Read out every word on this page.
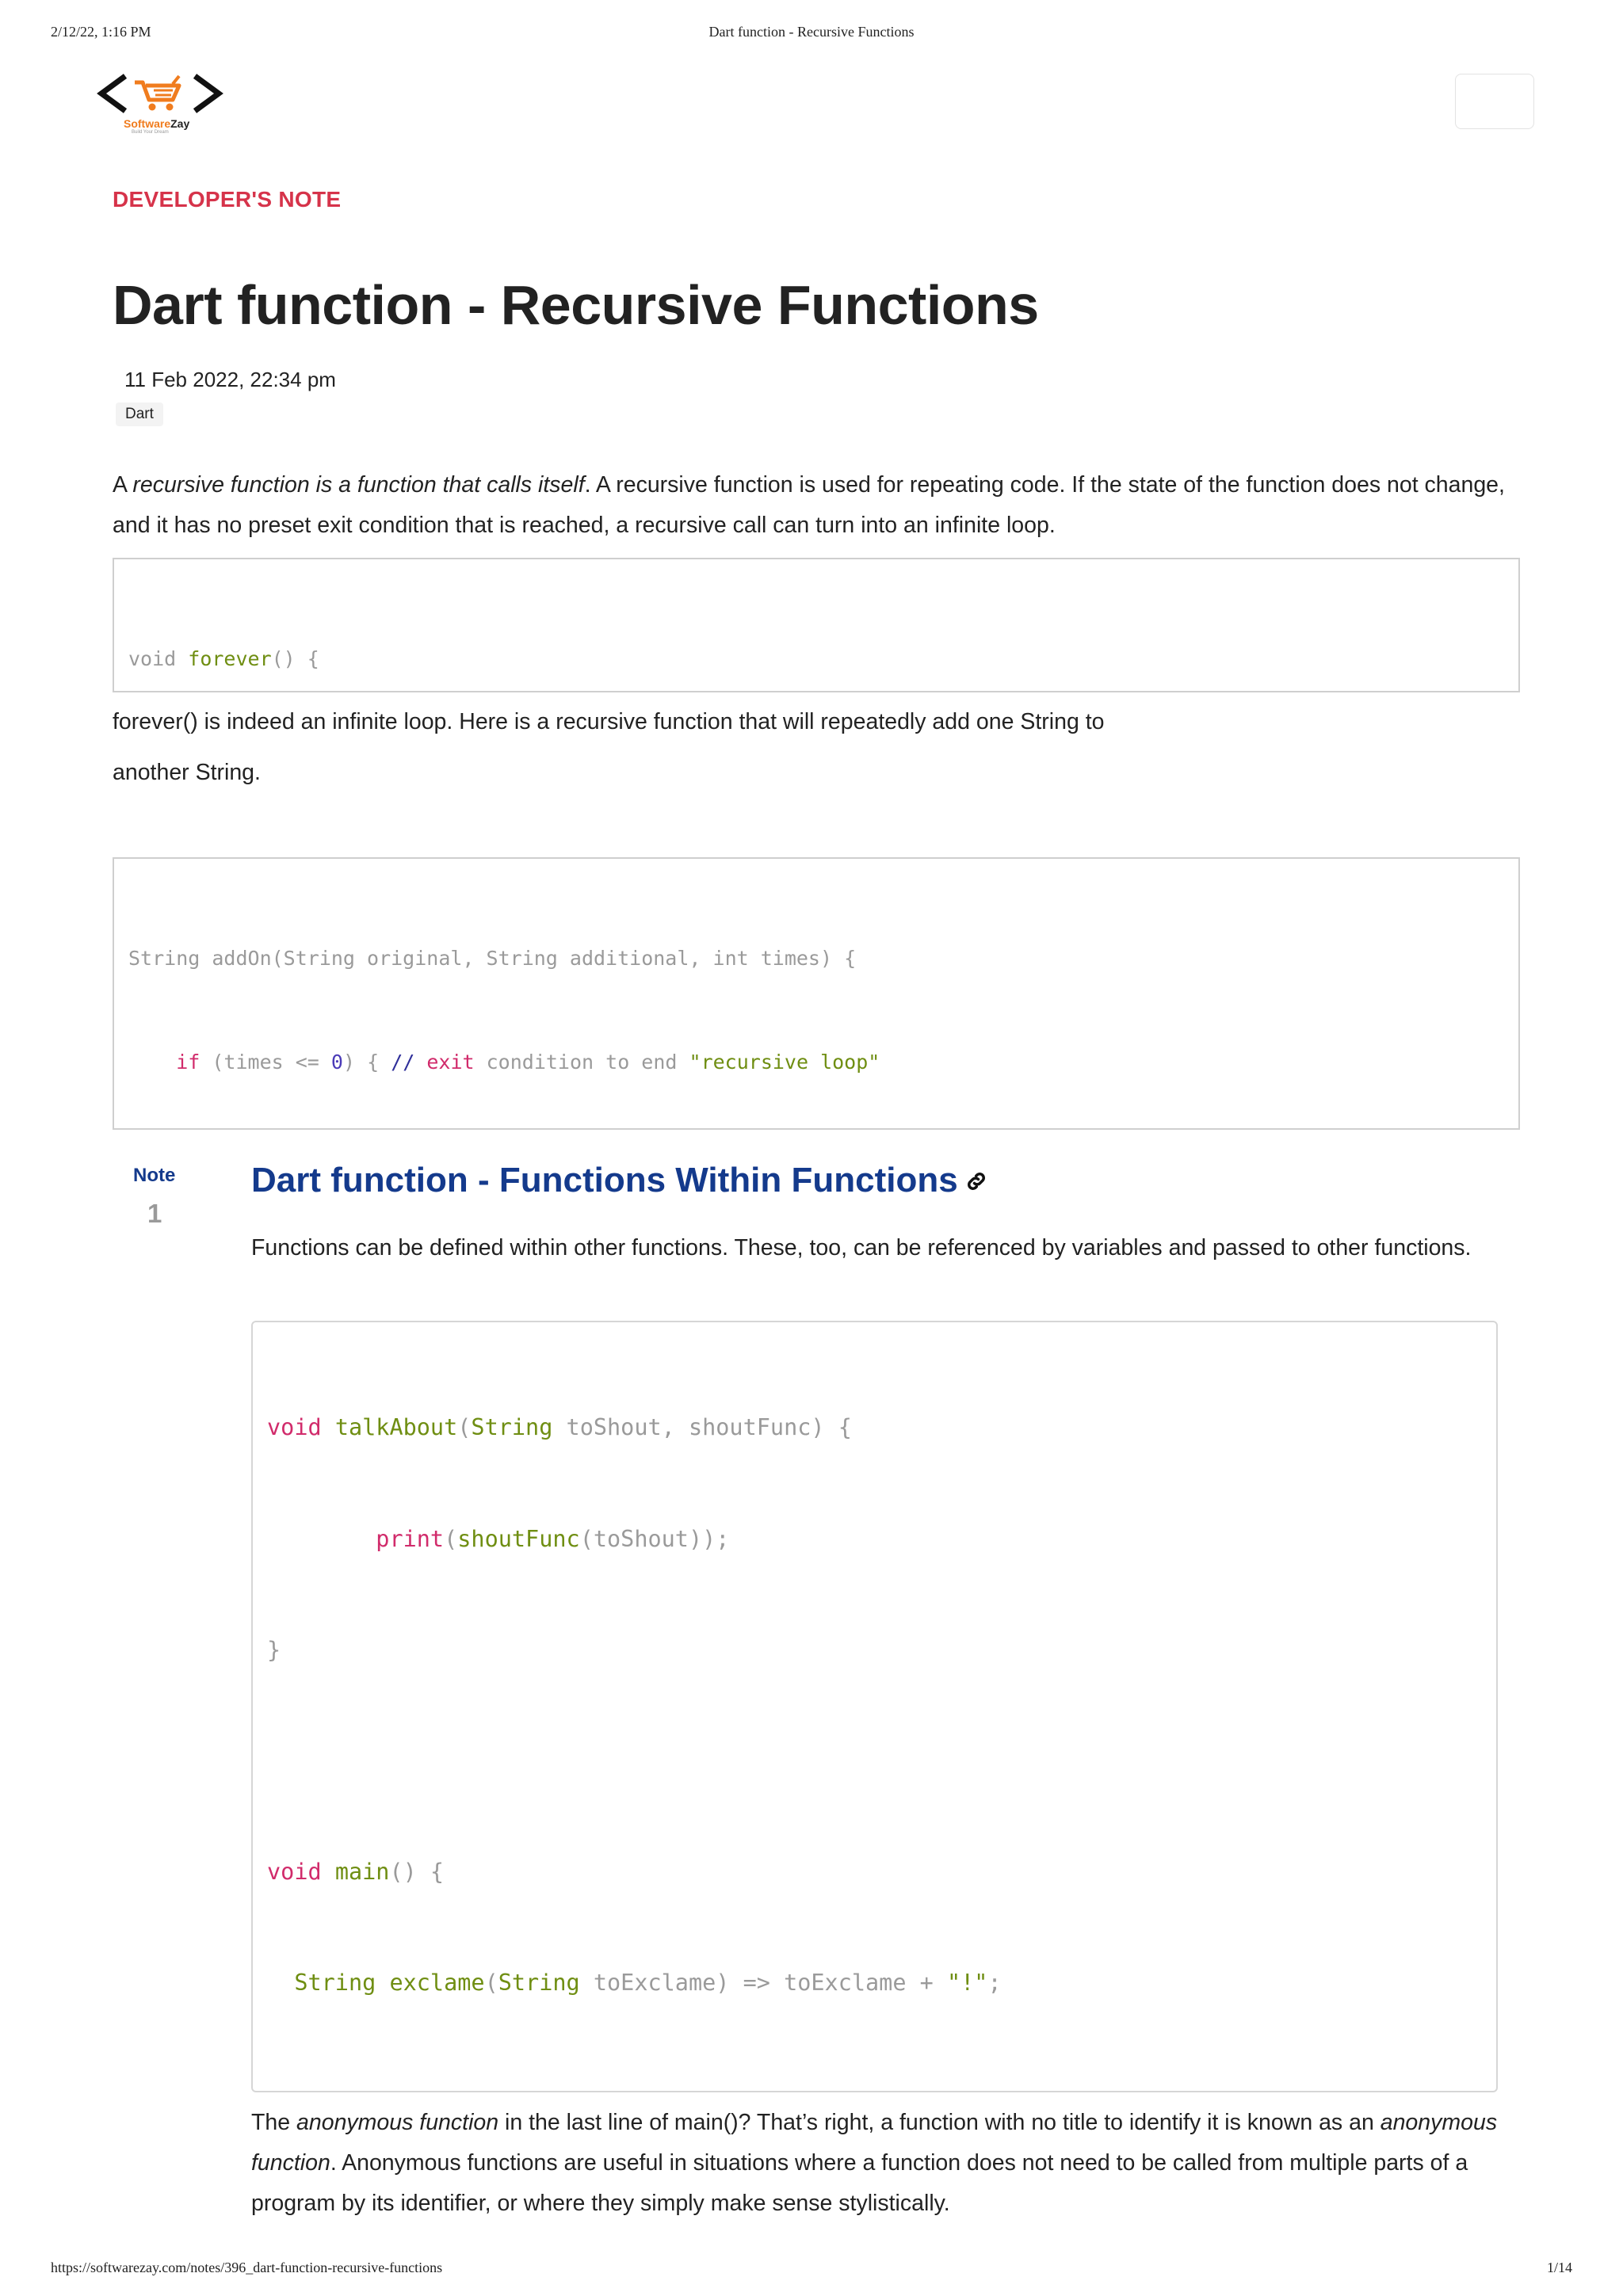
2/12/22, 1:16 PM	Dart function - Recursive Functions
SoftwareZay
Build Your Dream
DEVELOPER'S NOTE
Dart function - Recursive Functions
11 Feb 2022, 22:34 pm
Dart

A recursive function is a function that calls itself. A recursive function is used for repeating code. If the state of the function does not change, and it has no preset exit condition that is reached, a recursive call can turn into an infinite loop.

void forever() {

forever() is indeed an infinite loop. Here is a recursive function that will repeatedly add one String to

another String.

String addOn(String original, String additional, int times) {

if (times <= 0) { // exit condition to end "recursive loop"

Note
1
Dart function - Functions Within Functions

Functions can be defined within other functions. These, too, can be referenced by variables and passed to other functions.

void talkAbout(String toShout, shoutFunc) {

print(shoutFunc(toShout));

}

void main() {

String exclame(String toExclame) => toExclame + "!";

The anonymous function in the last line of main()? That’s right, a function with no title to identify it is known as an anonymous function. Anonymous functions are useful in situations where a function does not need to be called from multiple parts of a program by its identifier, or where they simply make sense stylistically.

https://softwarezay.com/notes/396_dart-function-recursive-functions	1/14
